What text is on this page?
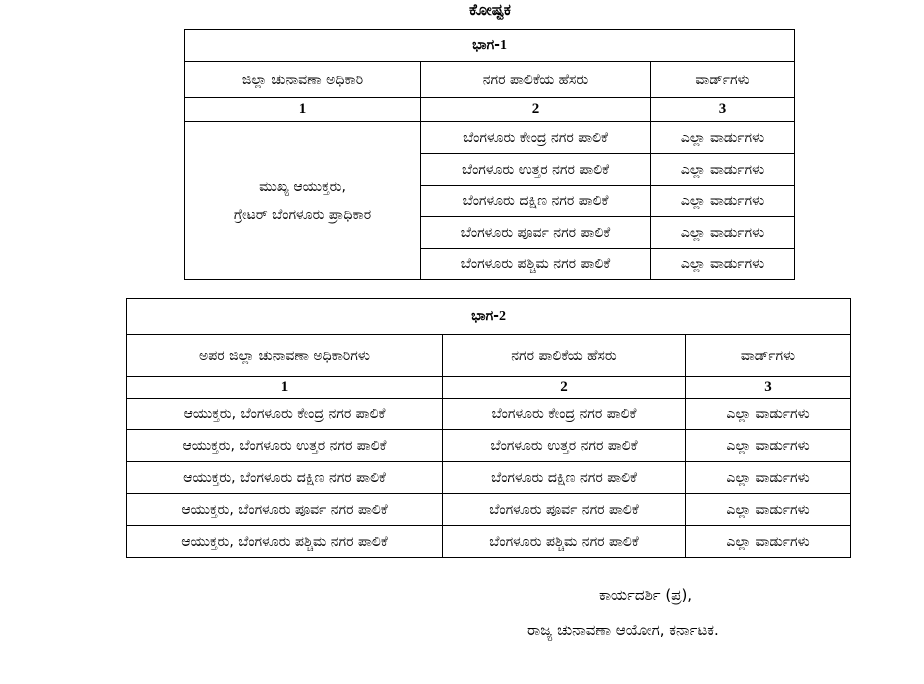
ಕೋಷ್ಟಕ
ಭಾಗ-1		
ಜಿಲ್ಲಾ ಚುನಾವಣಾ ಅಧಿಕಾರಿ	ನಗರ ಪಾಲಿಕೆಯ ಹೆಸರು	ವಾರ್ಡ್‌ಗಳು
1	2	3

ಮುಖ್ಯ ಆಯುಕ್ತರು,
ಗ್ರೇಟರ್ ಬೆಂಗಳೂರು ಪ್ರಾಧಿಕಾರ	ಬೆಂಗಳೂರು ಕೇಂದ್ರ ನಗರ ಪಾಲಿಕೆ	ಎಲ್ಲಾ ವಾರ್ಡುಗಳು
	ಬೆಂಗಳೂರು ಉತ್ತರ ನಗರ ಪಾಲಿಕೆ	ಎಲ್ಲಾ ವಾರ್ಡುಗಳು
	ಬೆಂಗಳೂರು ದಕ್ಷಿಣ ನಗರ ಪಾಲಿಕೆ	ಎಲ್ಲಾ ವಾರ್ಡುಗಳು
	ಬೆಂಗಳೂರು ಪೂರ್ವ ನಗರ ಪಾಲಿಕೆ	ಎಲ್ಲಾ ವಾರ್ಡುಗಳು
	ಬೆಂಗಳೂರು ಪಶ್ಚಿಮ ನಗರ ಪಾಲಿಕೆ	ಎಲ್ಲಾ ವಾರ್ಡುಗಳು
ಭಾಗ-2		
ಅಪರ ಜಿಲ್ಲಾ ಚುನಾವಣಾ ಅಧಿಕಾರಿಗಳು	ನಗರ ಪಾಲಿಕೆಯ ಹೆಸರು	ವಾರ್ಡ್‌ಗಳು
1	2	3
ಆಯುಕ್ತರು, ಬೆಂಗಳೂರು ಕೇಂದ್ರ ನಗರ ಪಾಲಿಕೆ	ಬೆಂಗಳೂರು ಕೇಂದ್ರ ನಗರ ಪಾಲಿಕೆ	ಎಲ್ಲಾ ವಾರ್ಡುಗಳು
ಆಯುಕ್ತರು, ಬೆಂಗಳೂರು ಉತ್ತರ ನಗರ ಪಾಲಿಕೆ	ಬೆಂಗಳೂರು ಉತ್ತರ ನಗರ ಪಾಲಿಕೆ	ಎಲ್ಲಾ ವಾರ್ಡುಗಳು
ಆಯುಕ್ತರು, ಬೆಂಗಳೂರು ದಕ್ಷಿಣ ನಗರ ಪಾಲಿಕೆ	ಬೆಂಗಳೂರು ದಕ್ಷಿಣ ನಗರ ಪಾಲಿಕೆ	ಎಲ್ಲಾ ವಾರ್ಡುಗಳು
ಆಯುಕ್ತರು, ಬೆಂಗಳೂರು ಪೂರ್ವ ನಗರ ಪಾಲಿಕೆ	ಬೆಂಗಳೂರು ಪೂರ್ವ ನಗರ ಪಾಲಿಕೆ	ಎಲ್ಲಾ ವಾರ್ಡುಗಳು
ಆಯುಕ್ತರು, ಬೆಂಗಳೂರು ಪಶ್ಚಿಮ ನಗರ ಪಾಲಿಕೆ	ಬೆಂಗಳೂರು ಪಶ್ಚಿಮ ನಗರ ಪಾಲಿಕೆ	ಎಲ್ಲಾ ವಾರ್ಡುಗಳು
ಕಾರ್ಯದರ್ಶಿ (ಪ್ರ),
ರಾಜ್ಯ ಚುನಾವಣಾ ಆಯೋಗ, ಕರ್ನಾಟಕ.
